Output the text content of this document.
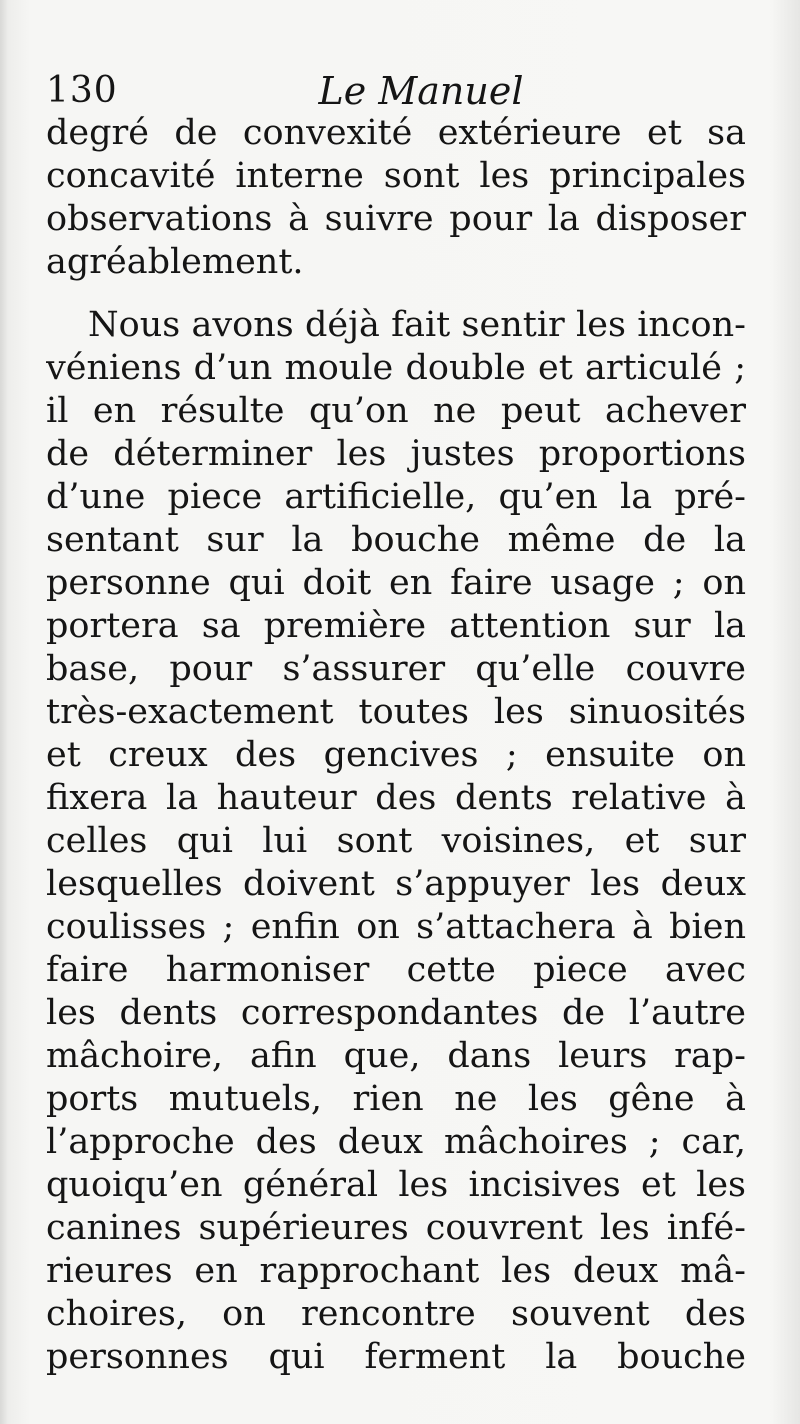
130	Le Manuel
degré de convexité extérieure et sa
concavité interne sont les principales
observations à suivre pour la disposer
agréablement.
Nous avons déjà fait sentir les incon-
véniens d’un moule double et articulé ;
il en résulte qu’on ne peut achever
de déterminer les justes proportions
d’une piece artificielle, qu’en la pré-
sentant sur la bouche même de la
personne qui doit en faire usage ; on
portera sa première attention sur la
base, pour s’assurer qu’elle couvre
très-exactement toutes les sinuosités
et creux des gencives ; ensuite on
fixera la hauteur des dents relative à
celles qui lui sont voisines, et sur
lesquelles doivent s’appuyer les deux
coulisses ; enfin on s’attachera à bien
faire harmoniser cette piece avec
les dents correspondantes de l’autre
mâchoire, afin que, dans leurs rap-
ports mutuels, rien ne les gêne à
l’approche des deux mâchoires ; car,
quoiqu’en général les incisives et les
canines supérieures couvrent les infé-
rieures en rapprochant les deux mâ-
choires, on rencontre souvent des
personnes qui ferment la bouche
